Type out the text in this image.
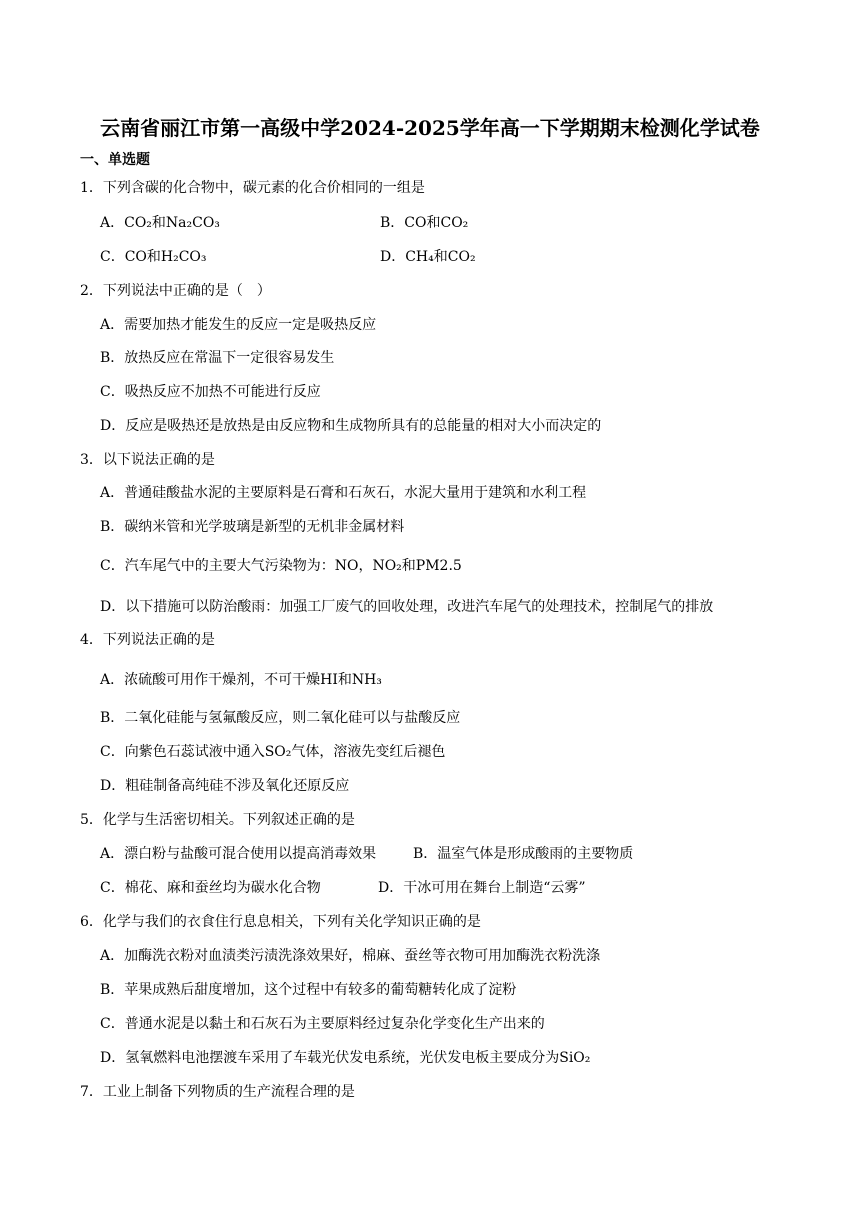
云南省丽江市第一高级中学2024-2025学年高一下学期期末检测化学试卷
一、单选题
1．下列含碳的化合物中，碳元素的化合价相同的一组是
A．CO₂和Na₂CO₃	B．CO和CO₂
C．CO和H₂CO₃	D．CH₄和CO₂
2．下列说法中正确的是（　）
A．需要加热才能发生的反应一定是吸热反应
B．放热反应在常温下一定很容易发生
C．吸热反应不加热不可能进行反应
D．反应是吸热还是放热是由反应物和生成物所具有的总能量的相对大小而决定的
3．以下说法正确的是
A．普通硅酸盐水泥的主要原料是石膏和石灰石，水泥大量用于建筑和水利工程
B．碳纳米管和光学玻璃是新型的无机非金属材料
C．汽车尾气中的主要大气污染物为：NO，NO₂和PM2.5
D．以下措施可以防治酸雨：加强工厂废气的回收处理，改进汽车尾气的处理技术，控制尾气的排放
4．下列说法正确的是
A．浓硫酸可用作干燥剂，不可干燥HI和NH₃
B．二氧化硅能与氢氟酸反应，则二氧化硅可以与盐酸反应
C．向紫色石蕊试液中通入SO₂气体，溶液先变红后褪色
D．粗硅制备高纯硅不涉及氧化还原反应
5．化学与生活密切相关。下列叙述正确的是
A．漂白粉与盐酸可混合使用以提高消毒效果	B．温室气体是形成酸雨的主要物质
C．棉花、麻和蚕丝均为碳水化合物	D．干冰可用在舞台上制造“云雾”
6．化学与我们的衣食住行息息相关，下列有关化学知识正确的是
A．加酶洗衣粉对血渍类污渍洗涤效果好，棉麻、蚕丝等衣物可用加酶洗衣粉洗涤
B．苹果成熟后甜度增加，这个过程中有较多的葡萄糖转化成了淀粉
C．普通水泥是以黏土和石灰石为主要原料经过复杂化学变化生产出来的
D．氢氧燃料电池摆渡车采用了车载光伏发电系统，光伏发电板主要成分为SiO₂
7．工业上制备下列物质的生产流程合理的是
